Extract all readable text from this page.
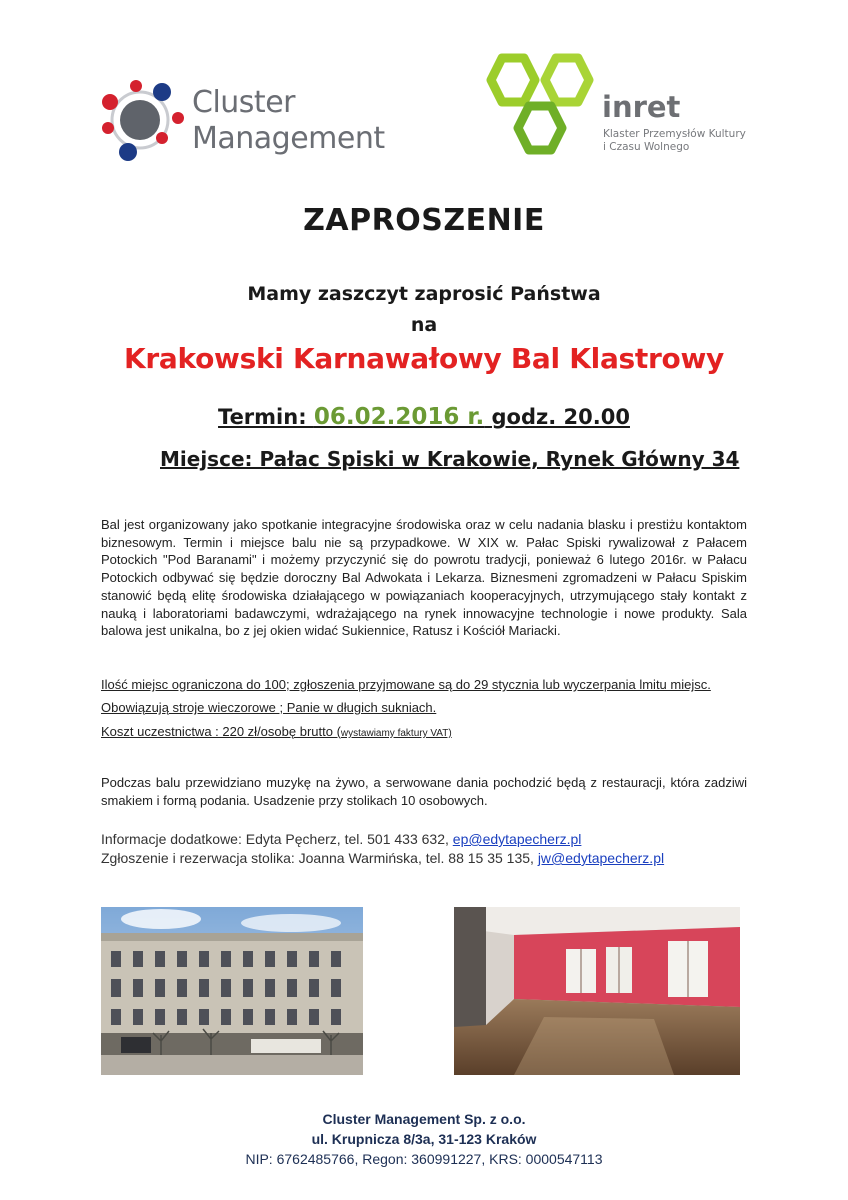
Cluster
Management
inret
Klaster Przemysłów Kultury
i Czasu Wolnego
ZAPROSZENIE
Mamy zaszczyt zaprosić Państwa
na
Krakowski Karnawałowy Bal Klastrowy
Termin: 06.02.2016 r. godz. 20.00
Miejsce: Pałac Spiski w Krakowie, Rynek Główny 34
Bal jest organizowany jako spotkanie integracyjne środowiska oraz w celu nadania blasku i prestiżu kontaktom biznesowym. Termin i miejsce balu nie są przypadkowe. W XIX w. Pałac Spiski rywalizował z Pałacem Potockich "Pod Baranami" i możemy przyczynić się do powrotu tradycji, ponieważ 6 lutego 2016r. w Pałacu Potockich odbywać się będzie doroczny Bal Adwokata i Lekarza. Biznesmeni zgromadzeni w Pałacu Spiskim stanowić będą elitę środowiska działającego w powiązaniach kooperacyjnych, utrzymującego stały kontakt z nauką i laboratoriami badawczymi, wdrażającego na rynek innowacyjne technologie i nowe produkty. Sala balowa jest unikalna, bo z jej okien widać Sukiennice, Ratusz i Kościół Mariacki.
Ilość miejsc ograniczona do 100; zgłoszenia przyjmowane są do 29 stycznia lub wyczerpania lmitu miejsc.
Obowiązują stroje wieczorowe ; Panie w długich sukniach.
Koszt uczestnictwa : 220 zł/osobę brutto (wystawiamy faktury VAT)
Podczas balu przewidziano muzykę na żywo, a serwowane dania pochodzić będą z restauracji, która zadziwi smakiem i formą podania. Usadzenie przy stolikach 10 osobowych.
Informacje dodatkowe: Edyta Pęcherz, tel. 501 433 632, ep@edytapecherz.pl
Zgłoszenie i rezerwacja stolika: Joanna Warmińska, tel. 88 15 35 135, jw@edytapecherz.pl
Cluster Management Sp. z o.o.
ul. Krupnicza 8/3a, 31-123 Kraków
NIP: 6762485766, Regon: 360991227, KRS: 0000547113
